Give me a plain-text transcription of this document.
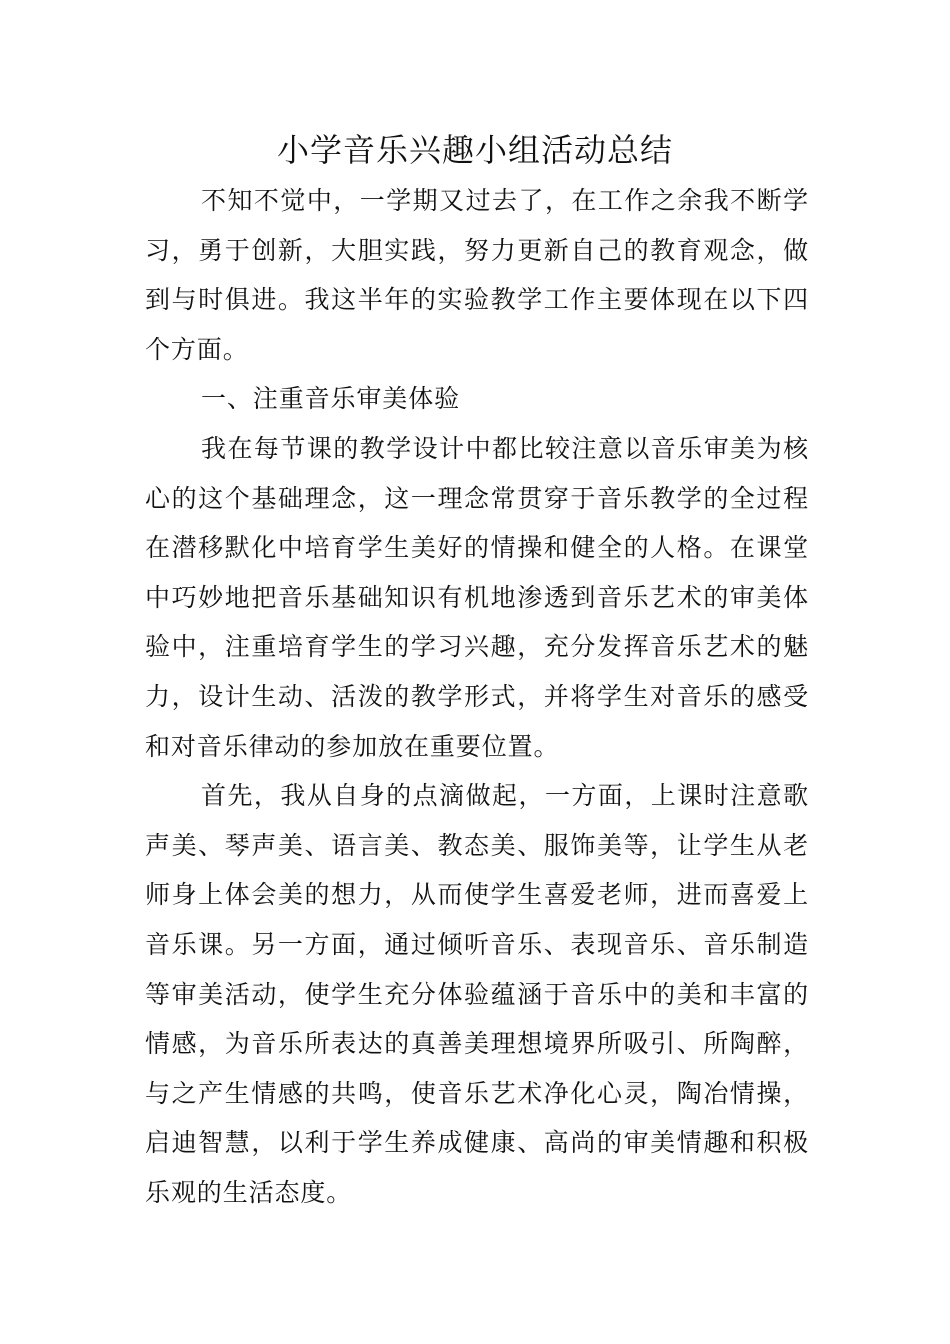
小学音乐兴趣小组活动总结

不知不觉中，一学期又过去了，在工作之余我不断学习，勇于创新，大胆实践，努力更新自己的教育观念，做到与时俱进。我这半年的实验教学工作主要体现在以下四个方面。

一、注重音乐审美体验

我在每节课的教学设计中都比较注意以音乐审美为核心的这个基础理念，这一理念常贯穿于音乐教学的全过程在潜移默化中培育学生美好的情操和健全的人格。在课堂中巧妙地把音乐基础知识有机地渗透到音乐艺术的审美体验中，注重培育学生的学习兴趣，充分发挥音乐艺术的魅力，设计生动、活泼的教学形式，并将学生对音乐的感受和对音乐律动的参加放在重要位置。

首先，我从自身的点滴做起，一方面，上课时注意歌声美、琴声美、语言美、教态美、服饰美等，让学生从老师身上体会美的想力，从而使学生喜爱老师，进而喜爱上音乐课。另一方面，通过倾听音乐、表现音乐、音乐制造等审美活动，使学生充分体验蕴涵于音乐中的美和丰富的情感，为音乐所表达的真善美理想境界所吸引、所陶醉，与之产生情感的共鸣，使音乐艺术净化心灵，陶冶情操，启迪智慧，以利于学生养成健康、高尚的审美情趣和积极乐观的生活态度。
